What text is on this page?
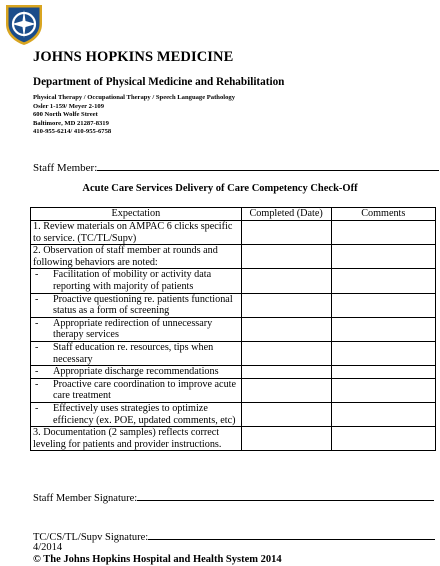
JOHNS HOPKINS MEDICINE
Department of Physical Medicine and Rehabilitation
Physical Therapy / Occupational Therapy / Speech Language Pathology
Osler 1-159/ Meyer 2-109
600 North Wolfe Street
Baltimore, MD 21287-8319
410-955-6214/ 410-955-6758
Staff Member:
Acute Care Services Delivery of Care Competency Check-Off
Expectation	Completed (Date)	Comments
1. Review materials on AMPAC 6 clicks specific to service. (TC/TL/Supv)		
2. Observation of staff member at rounds and following behaviors are noted:		

- Facilitation of mobility or activity data reporting with majority of patients		

- Proactive questioning re. patients functional status as a form of screening		

- Appropriate redirection of unnecessary therapy services		

- Staff education re. resources, tips when necessary		

- Appropriate discharge recommendations		

- Proactive care coordination to improve acute care treatment		

- Effectively uses strategies to optimize efficiency (ex. POE, updated comments, etc)		

3. Documentation (2 samples) reflects correct leveling for patients and provider instructions.		
Staff Member Signature:
TC/CS/TL/Supv Signature:
4/2014
© The Johns Hopkins Hospital and Health System 2014
